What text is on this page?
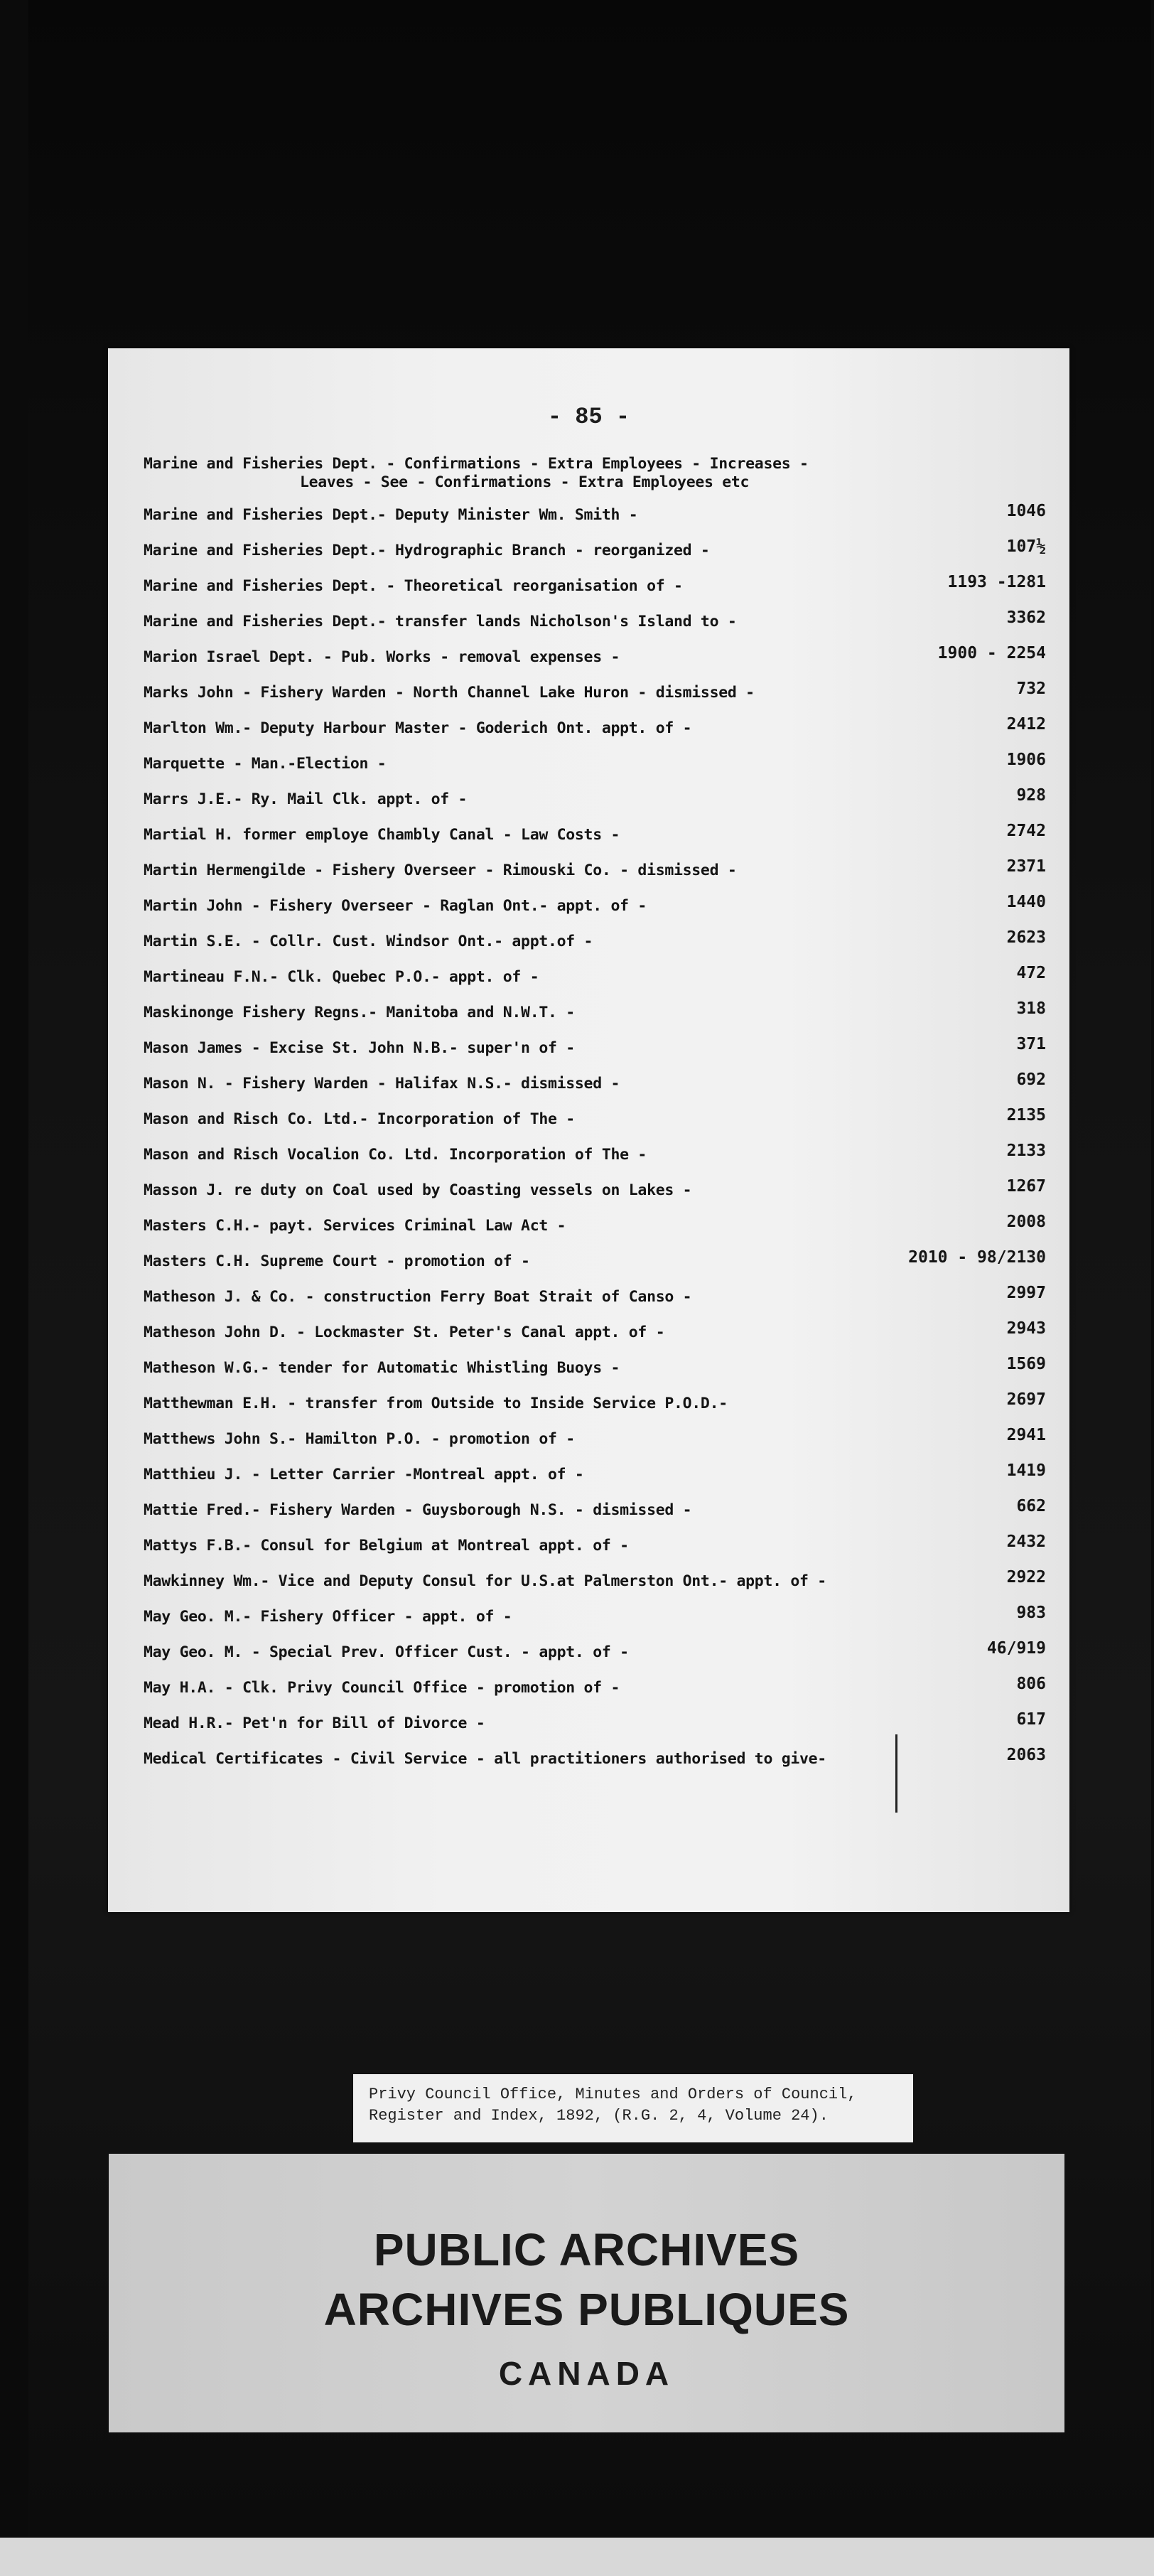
- 85 -
Marine and Fisheries Dept. - Confirmations - Extra Employees - Increases -
Leaves - See - Confirmations - Extra Employees etc
Marine and Fisheries Dept.- Deputy Minister Wm. Smith -	1046
Marine and Fisheries Dept.- Hydrographic Branch - reorganized -	107½
Marine and Fisheries Dept. - Theoretical reorganisation of -	1193 -1281
Marine and Fisheries Dept.- transfer lands Nicholson's Island to -	3362
Marion Israel Dept. - Pub. Works - removal expenses -	1900 - 2254
Marks John - Fishery Warden - North Channel Lake Huron - dismissed -	732
Marlton Wm.- Deputy Harbour Master - Goderich Ont. appt. of -	2412
Marquette - Man.-Election -	1906
Marrs J.E.- Ry. Mail Clk. appt. of -	928
Martial H. former employe Chambly Canal - Law Costs -	2742
Martin Hermengilde - Fishery Overseer - Rimouski Co. - dismissed -	2371
Martin John - Fishery Overseer - Raglan Ont.- appt. of -	1440
Martin S.E. - Collr. Cust. Windsor Ont.- appt.of -	2623
Martineau F.N.- Clk. Quebec P.O.- appt. of -	472
Maskinonge Fishery Regns.- Manitoba and N.W.T. -	318
Mason James - Excise St. John N.B.- super'n of -	371
Mason N. - Fishery Warden - Halifax N.S.- dismissed -	692
Mason and Risch Co. Ltd.- Incorporation of The -	2135
Mason and Risch Vocalion Co. Ltd. Incorporation of The -	2133
Masson J. re duty on Coal used by Coasting vessels on Lakes -	1267
Masters C.H.- payt. Services Criminal Law Act -	2008
Masters C.H. Supreme Court - promotion of -	2010 - 98/2130
Matheson J. & Co. - construction Ferry Boat Strait of Canso -	2997
Matheson John D. - Lockmaster St. Peter's Canal appt. of -	2943
Matheson W.G.- tender for Automatic Whistling Buoys -	1569
Matthewman E.H. - transfer from Outside to Inside Service P.O.D.-	2697
Matthews John S.- Hamilton P.O. - promotion of -	2941
Matthieu J. - Letter Carrier -Montreal appt. of -	1419
Mattie Fred.- Fishery Warden - Guysborough N.S. - dismissed -	662
Mattys F.B.- Consul for Belgium at Montreal appt. of -	2432
Mawkinney Wm.- Vice and Deputy Consul for U.S.at Palmerston Ont.- appt. of -	2922
May Geo. M.- Fishery Officer - appt. of -	983
May Geo. M. - Special Prev. Officer Cust. - appt. of -	46/919
May H.A. - Clk. Privy Council Office - promotion of -	806
Mead H.R.- Pet'n for Bill of Divorce -	617
Medical Certificates - Civil Service - all practitioners authorised to give-	2063
Privy Council Office, Minutes and Orders of Council,
Register and Index, 1892, (R.G. 2, 4, Volume 24).
PUBLIC ARCHIVES
ARCHIVES PUBLIQUES
CANADA
